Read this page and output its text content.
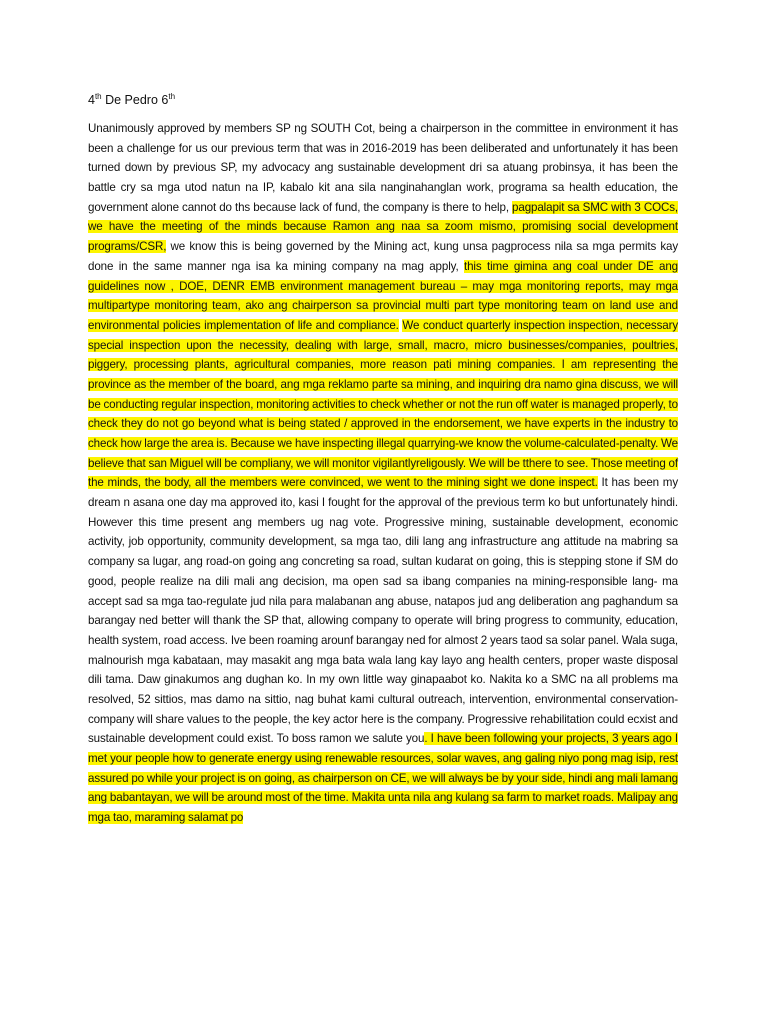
4th De Pedro 6th
Unanimously approved by members SP ng SOUTH Cot, being a chairperson in the committee in environment it has been a challenge for us our previous term that was in 2016-2019 has been deliberated and unfortunately it has been turned down by previous SP, my advocacy ang sustainable development dri sa atuang probinsya, it has been the battle cry sa mga utod natun na IP, kabalo kit ana sila nanginahanglan work, programa sa health education, the government alone cannot do ths because lack of fund, the company is there to help, pagpalapit sa SMC with 3 COCs, we have the meeting of the minds because Ramon ang naa sa zoom mismo, promising social development programs/CSR, we know this is being governed by the Mining act, kung unsa pagprocess nila sa mga permits kay done in the same manner nga isa ka mining company na mag apply, this time gimina ang coal under DE ang guidelines now , DOE, DENR EMB environment management bureau – may mga monitoring reports, may mga multipartype monitoring team, ako ang chairperson sa provincial multi part type monitoring team on land use and environmental policies implementation of life and compliance. We conduct quarterly inspection inspection, necessary special inspection upon the necessity, dealing with large, small, macro, micro businesses/companies, poultries, piggery, processing plants, agricultural companies, more reason pati mining companies. I am representing the province as the member of the board, ang mga reklamo parte sa mining, and inquiring dra namo gina discuss, we will be conducting regular inspection, monitoring activities to check whether or not the run off water is managed properly, to check they do not go beyond what is being stated / approved in the endorsement, we have experts in the industry to check how large the area is. Because we have inspecting illegal quarrying-we know the volume-calculated-penalty. We believe that san Miguel will be compliany, we will monitor vigilantlyreligously. We will be tthere to see. Those meeting of the minds, the body, all the members were convinced, we went to the mining sight we done inspect. It has been my dream n asana one day ma approved ito, kasi I fought for the approval of the previous term ko but unfortunately hindi. However this time present ang members ug nag vote. Progressive mining, sustainable development, economic activity, job opportunity, community development, sa mga tao, dili lang ang infrastructure ang attitude na mabring sa company sa lugar, ang road-on going ang concreting sa road, sultan kudarat on going, this is stepping stone if SM do good, people realize na dili mali ang decision, ma open sad sa ibang companies na mining-responsible lang- ma accept sad sa mga tao-regulate jud nila para malabanan ang abuse, natapos jud ang deliberation ang paghandum sa barangay ned better will thank the SP that, allowing company to operate will bring progress to community, education, health system, road access. Ive been roaming arounf barangay ned for almost 2 years taod sa solar panel. Wala suga, malnourish mga kabataan, may masakit ang mga bata wala lang kay layo ang health centers, proper waste disposal dili tama. Daw ginakumos ang dughan ko. In my own little way ginapaabot ko. Nakita ko a SMC na all problems ma resolved, 52 sittios, mas damo na sittio, nag buhat kami cultural outreach, intervention, environmental conservation-company will share values to the people, the key actor here is the company. Progressive rehabilitation could ecxist and sustainable development could exist. To boss ramon we salute you. I have been following your projects, 3 years ago I met your people how to generate energy using renewable resources, solar waves, ang galing niyo pong mag isip, rest assured po while your project is on going, as chairperson on CE, we will always be by your side, hindi ang mali lamang ang babantayan, we will be around most of the time. Makita unta nila ang kulang sa farm to market roads. Malipay ang mga tao, maraming salamat po
